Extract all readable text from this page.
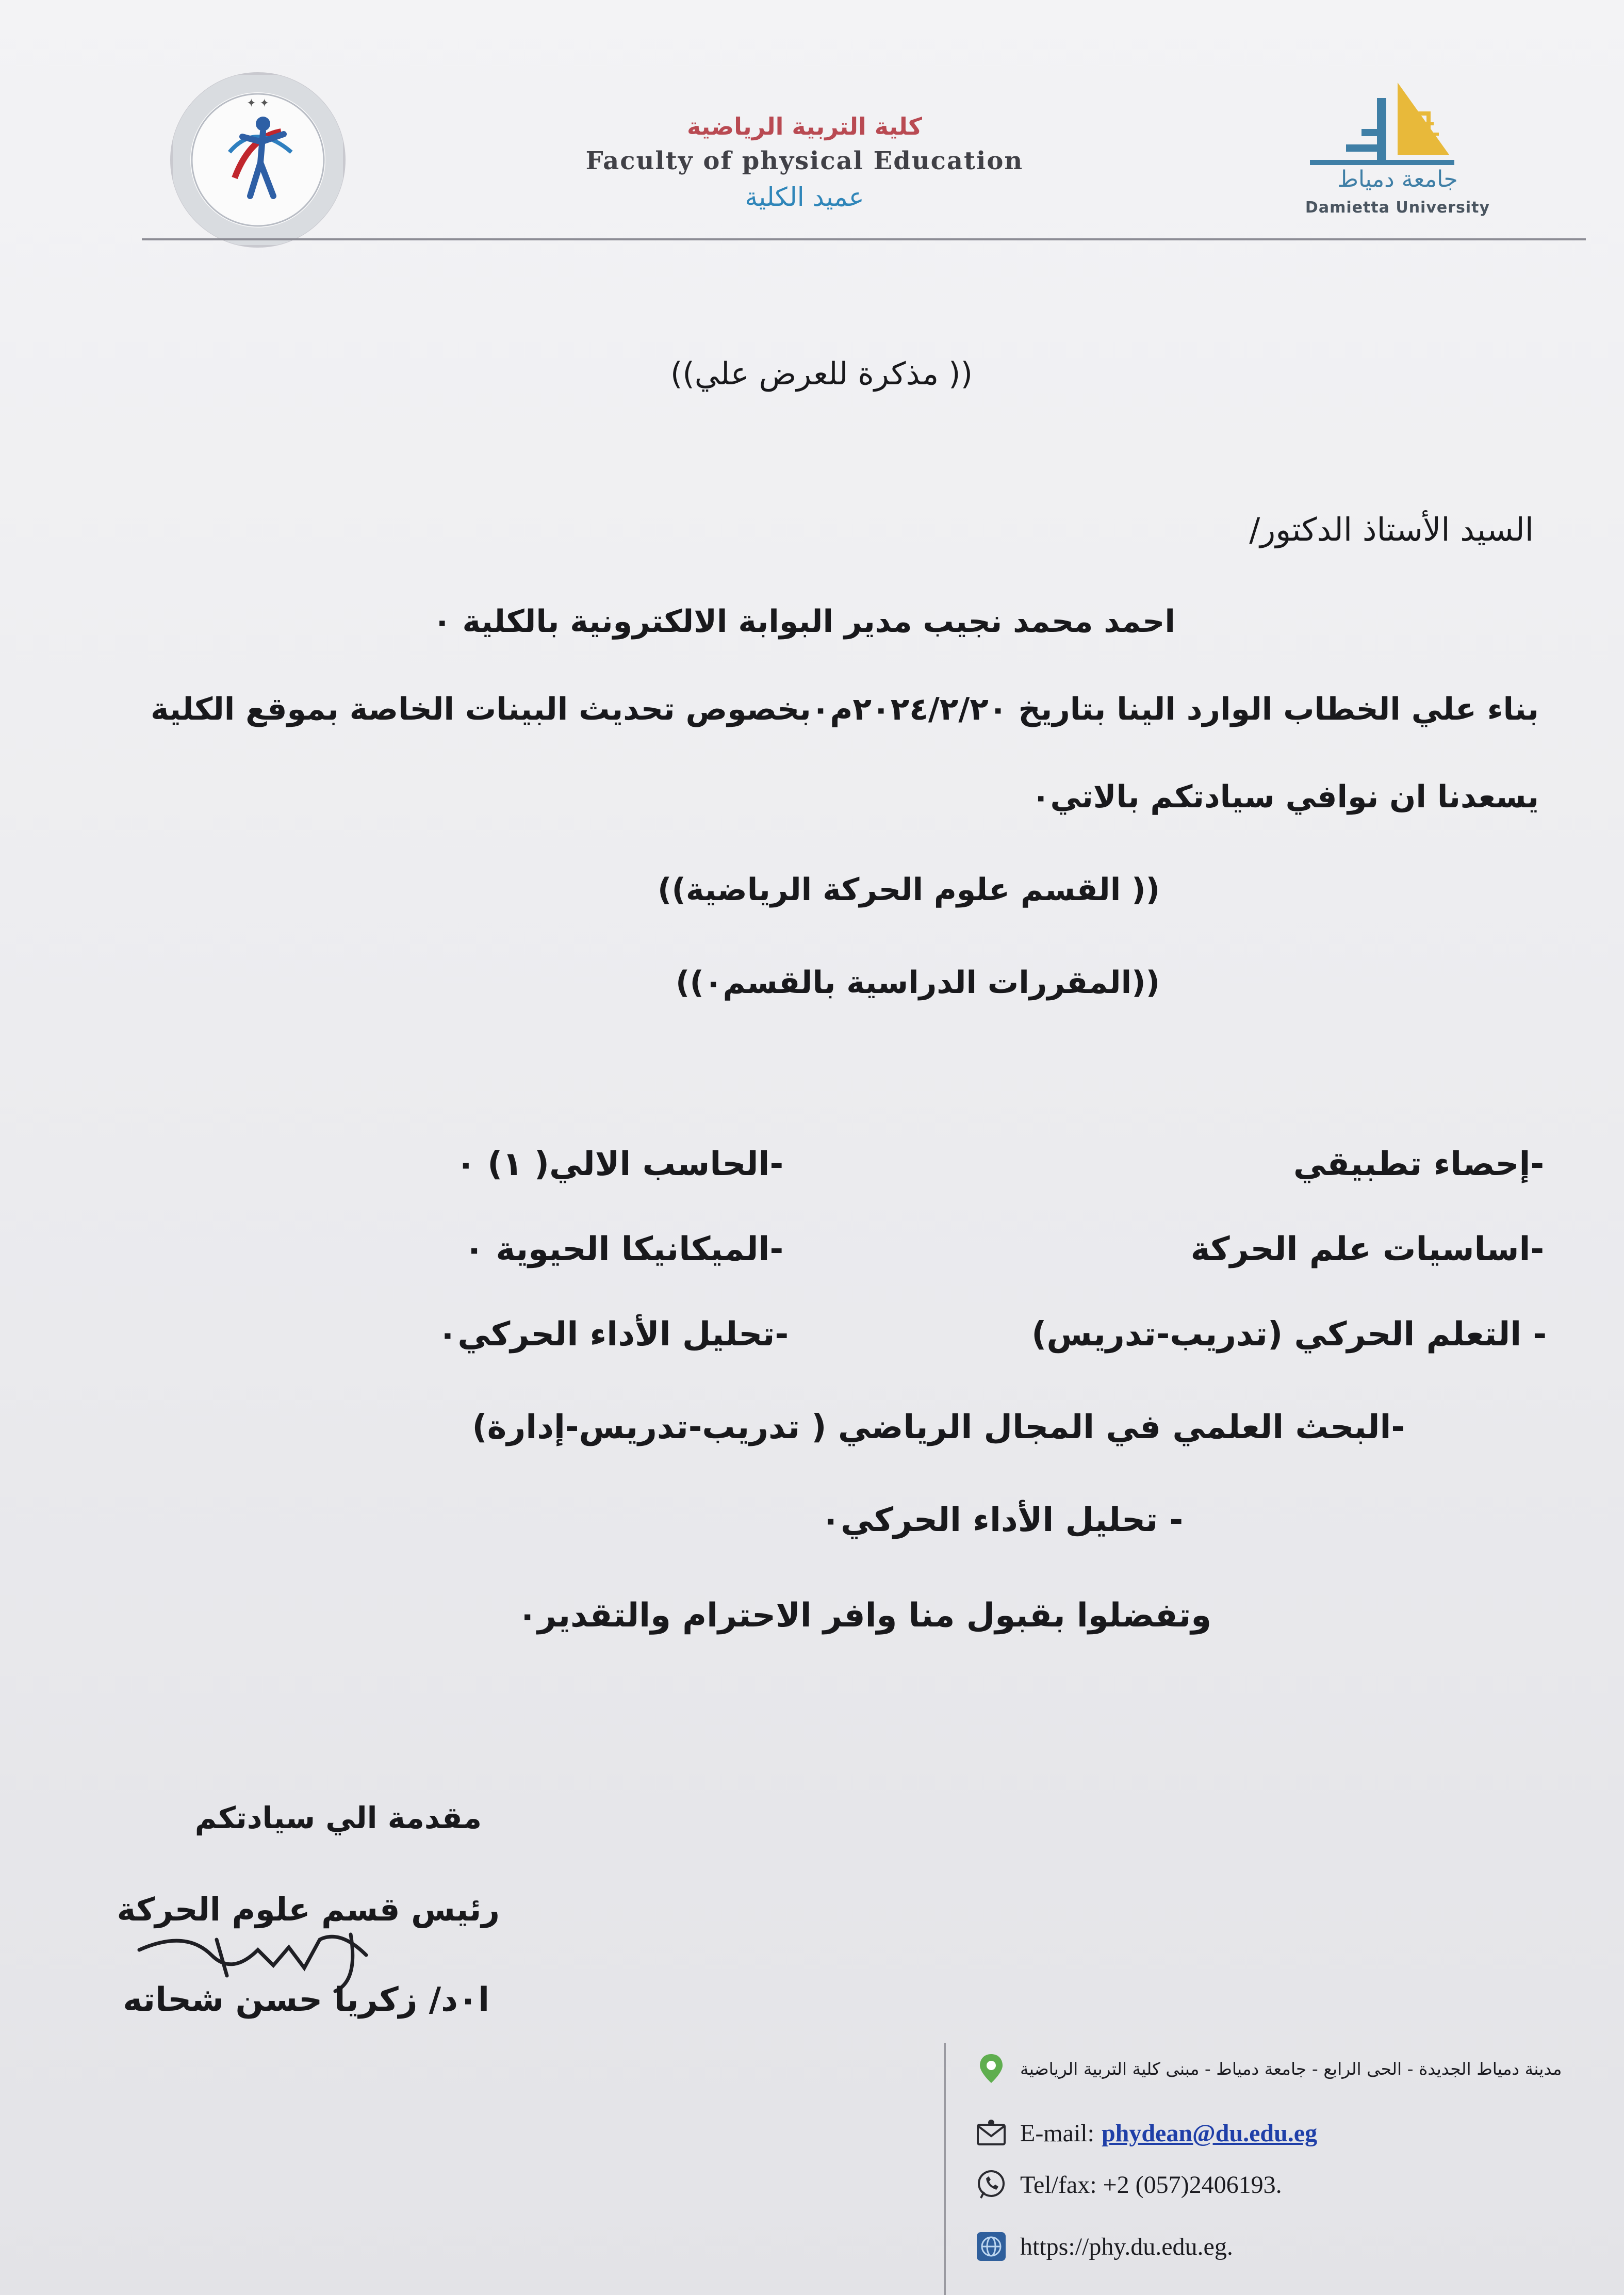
✦ ✦
كلية التربية الرياضية
Faculty of physical Education
عميد الكلية
جامعة دمياط
Damietta University
(( مذكرة للعرض علي))
السيد الأستاذ الدكتور/
احمد محمد نجيب مدير البوابة الالكترونية بالكلية ٠
بناء علي الخطاب الوارد الينا بتاريخ ٢٠٢٤/٢/٢٠م٠بخصوص تحديث البينات الخاصة بموقع الكلية
يسعدنا ان نوافي سيادتكم بالاتي٠
(( القسم علوم الحركة الرياضية))
((المقررات الدراسية بالقسم٠))
-إحصاء تطبيقي
-الحاسب الالي( ١) ٠
-اساسيات علم الحركة
-الميكانيكا الحيوية ٠
- التعلم الحركي (تدريب-تدريس)
-تحليل الأداء الحركي٠
-البحث العلمي في المجال الرياضي ( تدريب-تدريس-إدارة)
- تحليل الأداء الحركي٠
وتفضلوا بقبول منا وافر الاحترام والتقدير٠
مقدمة الي سيادتكم
رئيس قسم علوم الحركة
ا٠د/ زكريا حسن شحاته
مدينة دمياط الجديدة - الحى الرابع - جامعة دمياط - مبنى كلية التربية الرياضية
E-mail: phydean@du.edu.eg
Tel/fax: +2 (057)2406193.
https://phy.du.edu.eg.
